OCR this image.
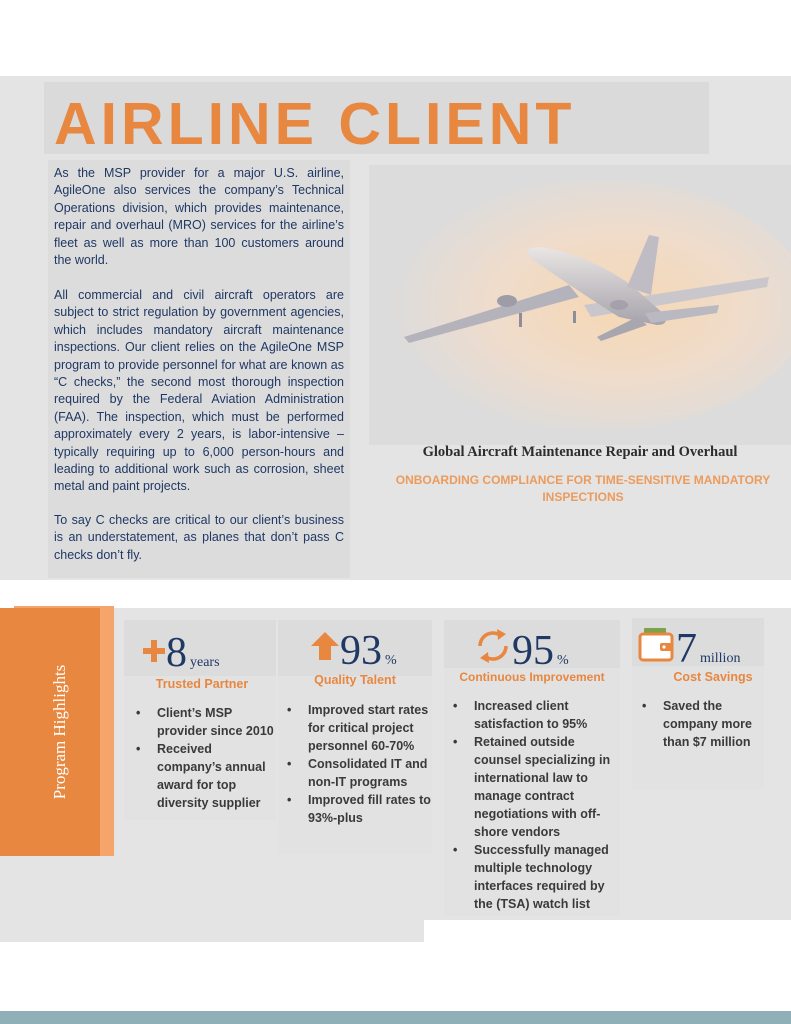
AIRLINE CLIENT

As the MSP provider for a major U.S. airline, AgileOne also services the company’s Technical Operations division, which provides maintenance, repair and overhaul (MRO) services for the airline’s fleet as well as more than 100 customers around the world.

All commercial and civil aircraft operators are subject to strict regulation by government agencies, which includes mandatory aircraft maintenance inspections. Our client relies on the AgileOne MSP program to provide personnel for what are known as “C checks,” the second most thorough inspection required by the Federal Aviation Administration (FAA). The inspection, which must be performed approximately every 2 years, is labor-intensive – typically requiring up to 6,000 person-hours and leading to additional work such as corrosion, sheet metal and paint projects.

To say C checks are critical to our client’s business is an understatement, as planes that don’t pass C checks don’t fly.

Global Aircraft Maintenance Repair and Overhaul
ONBOARDING COMPLIANCE FOR TIME-SENSITIVE MANDATORY INSPECTIONS
Program Highlights
8 years
Trusted Partner
• Client’s MSP provider since 2010
• Received company’s annual award for top diversity supplier
93 %
Quality Talent
• Improved start rates for critical project personnel 60-70%
• Consolidated IT and non-IT programs
• Improved fill rates to 93%-plus
95 %
Continuous Improvement
• Increased client satisfaction to 95%
• Retained outside counsel specializing in international law to manage contract negotiations with off-shore vendors
• Successfully managed multiple technology interfaces required by the (TSA) watch list
7 million
Cost Savings
• Saved the company more than $7 million
